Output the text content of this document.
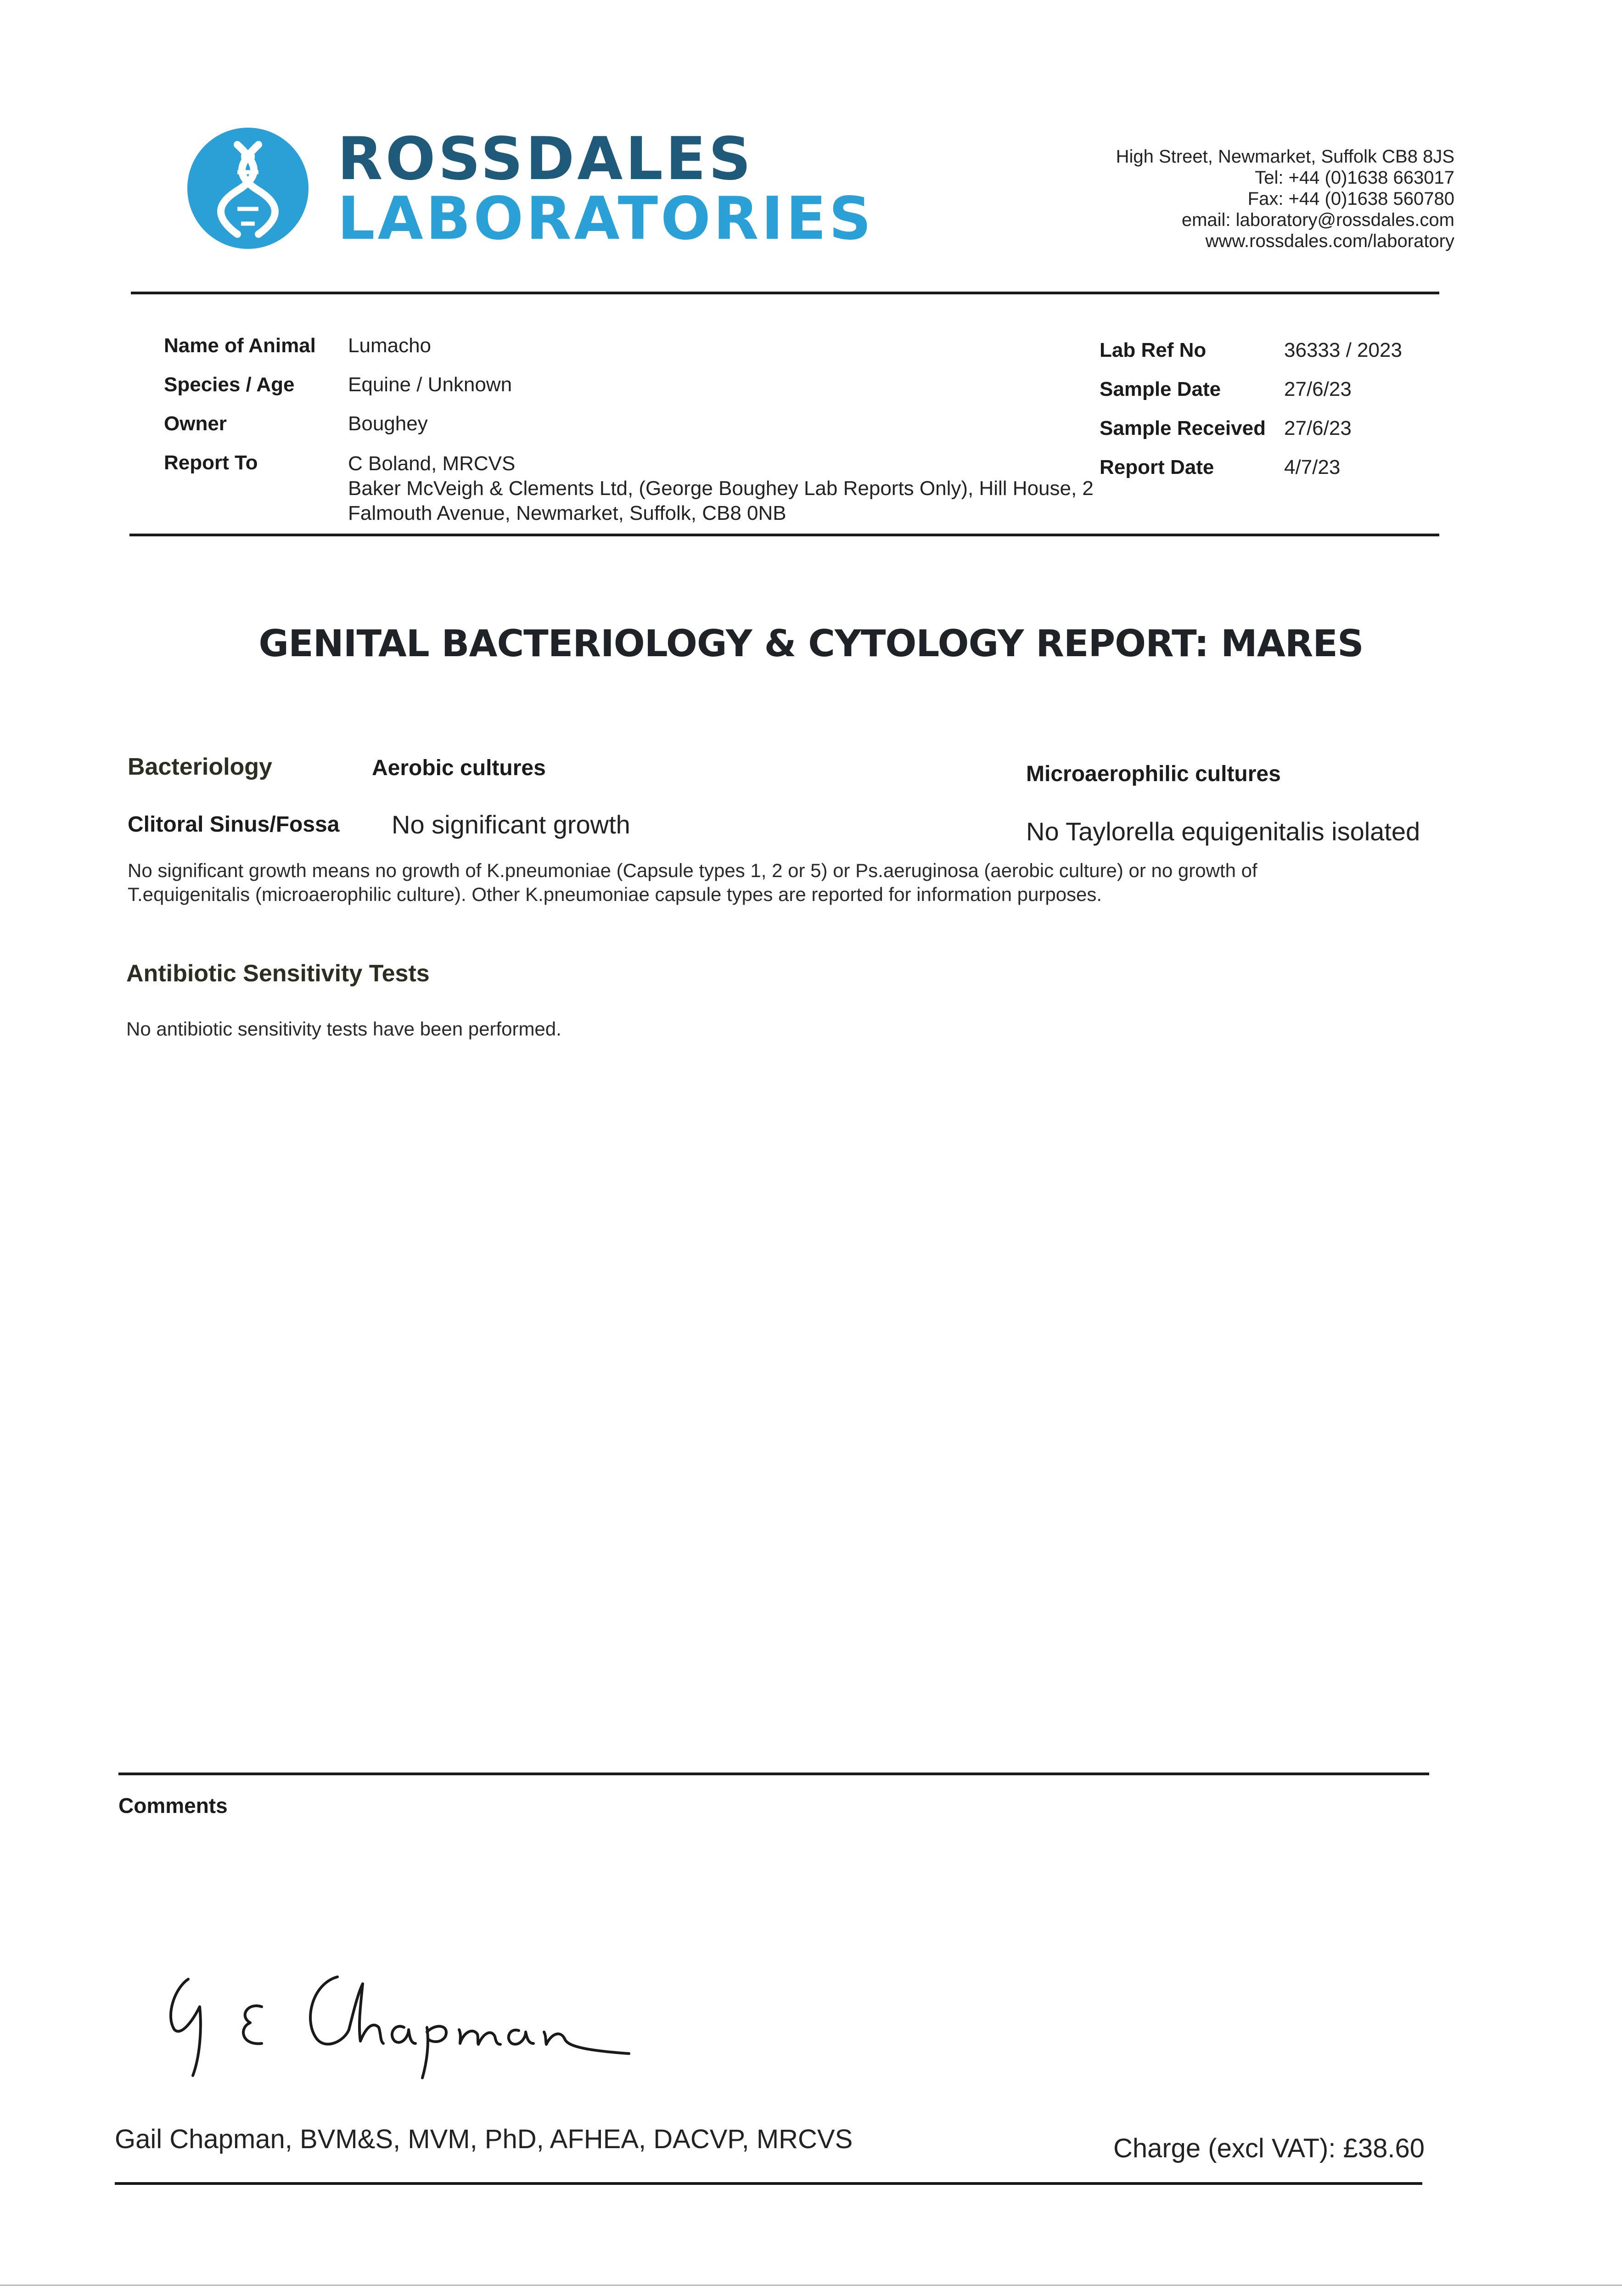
ROSSDALES
LABORATORIES
High Street, Newmarket, Suffolk CB8 8JS
Tel: +44 (0)1638 663017
Fax: +44 (0)1638 560780
email: laboratory@rossdales.com
www.rossdales.com/laboratory
Name of Animal Lumacho
Species / Age	Equine / Unknown
Owner	Boughey
Report To	C Boland, MRCVS
Baker McVeigh & Clements Ltd, (George Boughey Lab Reports Only), Hill House, 2
Falmouth Avenue, Newmarket, Suffolk, CB8 0NB
Lab Ref No	36333 / 2023
Sample Date	27/6/23
Sample Received 27/6/23
Report Date	4/7/23
GENITAL BACTERIOLOGY & CYTOLOGY REPORT: MARES
Bacteriology	Aerobic cultures	Microaerophilic cultures
Clitoral Sinus/Fossa No significant growth	No Taylorella equigenitalis isolated
No significant growth means no growth of K.pneumoniae (Capsule types 1, 2 or 5) or Ps.aeruginosa (aerobic culture) or no growth of
T.equigenitalis (microaerophilic culture). Other K.pneumoniae capsule types are reported for information purposes.
Antibiotic Sensitivity Tests
No antibiotic sensitivity tests have been performed.
Comments
Gail Chapman, BVM&S, MVM, PhD, AFHEA, DACVP, MRCVS	Charge (excl VAT): £38.60
